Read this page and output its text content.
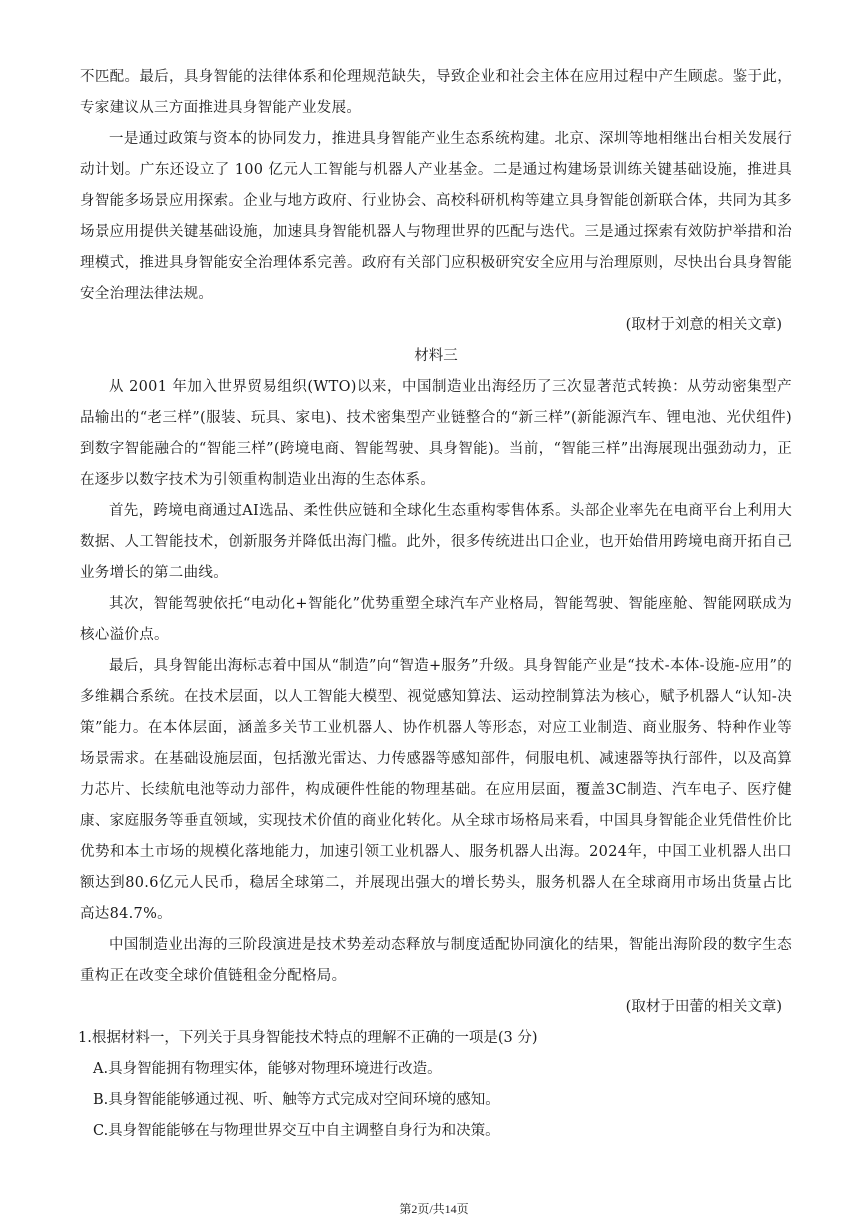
不匹配。最后，具身智能的法律体系和伦理规范缺失，导致企业和社会主体在应用过程中产生顾虑。鉴于此，专家建议从三方面推进具身智能产业发展。

一是通过政策与资本的协同发力，推进具身智能产业生态系统构建。北京、深圳等地相继出台相关发展行动计划。广东还设立了 100 亿元人工智能与机器人产业基金。二是通过构建场景训练关键基础设施，推进具身智能多场景应用探索。企业与地方政府、行业协会、高校科研机构等建立具身智能创新联合体，共同为其多场景应用提供关键基础设施，加速具身智能机器人与物理世界的匹配与迭代。三是通过探索有效防护举措和治理模式，推进具身智能安全治理体系完善。政府有关部门应积极研究安全应用与治理原则，尽快出台具身智能安全治理法律法规。

(取材于刘意的相关文章)

材料三

从 2001 年加入世界贸易组织(WTO)以来，中国制造业出海经历了三次显著范式转换：从劳动密集型产品输出的“老三样”(服装、玩具、家电)、技术密集型产业链整合的“新三样”(新能源汽车、锂电池、光伏组件)到数字智能融合的“智能三样”(跨境电商、智能驾驶、具身智能)。当前，“智能三样”出海展现出强劲动力，正在逐步以数字技术为引领重构制造业出海的生态体系。

首先，跨境电商通过AI选品、柔性供应链和全球化生态重构零售体系。头部企业率先在电商平台上利用大数据、人工智能技术，创新服务并降低出海门槛。此外，很多传统进出口企业，也开始借用跨境电商开拓自己业务增长的第二曲线。

其次，智能驾驶依托“电动化+智能化”优势重塑全球汽车产业格局，智能驾驶、智能座舱、智能网联成为核心溢价点。

最后，具身智能出海标志着中国从“制造”向“智造+服务”升级。具身智能产业是“技术-本体-设施-应用”的多维耦合系统。在技术层面，以人工智能大模型、视觉感知算法、运动控制算法为核心，赋予机器人“认知-决策”能力。在本体层面，涵盖多关节工业机器人、协作机器人等形态，对应工业制造、商业服务、特种作业等场景需求。在基础设施层面，包括激光雷达、力传感器等感知部件，伺服电机、减速器等执行部件，以及高算力芯片、长续航电池等动力部件，构成硬件性能的物理基础。在应用层面，覆盖3C制造、汽车电子、医疗健康、家庭服务等垂直领域，实现技术价值的商业化转化。从全球市场格局来看，中国具身智能企业凭借性价比优势和本土市场的规模化落地能力，加速引领工业机器人、服务机器人出海。2024年，中国工业机器人出口额达到80.6亿元人民币，稳居全球第二，并展现出强大的增长势头，服务机器人在全球商用市场出货量占比高达84.7%。

中国制造业出海的三阶段演进是技术势差动态释放与制度适配协同演化的结果，智能出海阶段的数字生态重构正在改变全球价值链租金分配格局。

(取材于田蕾的相关文章)

1.根据材料一，下列关于具身智能技术特点的理解不正确的一项是(3 分)

A.具身智能拥有物理实体，能够对物理环境进行改造。

B.具身智能能够通过视、听、触等方式完成对空间环境的感知。

C.具身智能能够在与物理世界交互中自主调整自身行为和决策。

第2页/共14页
